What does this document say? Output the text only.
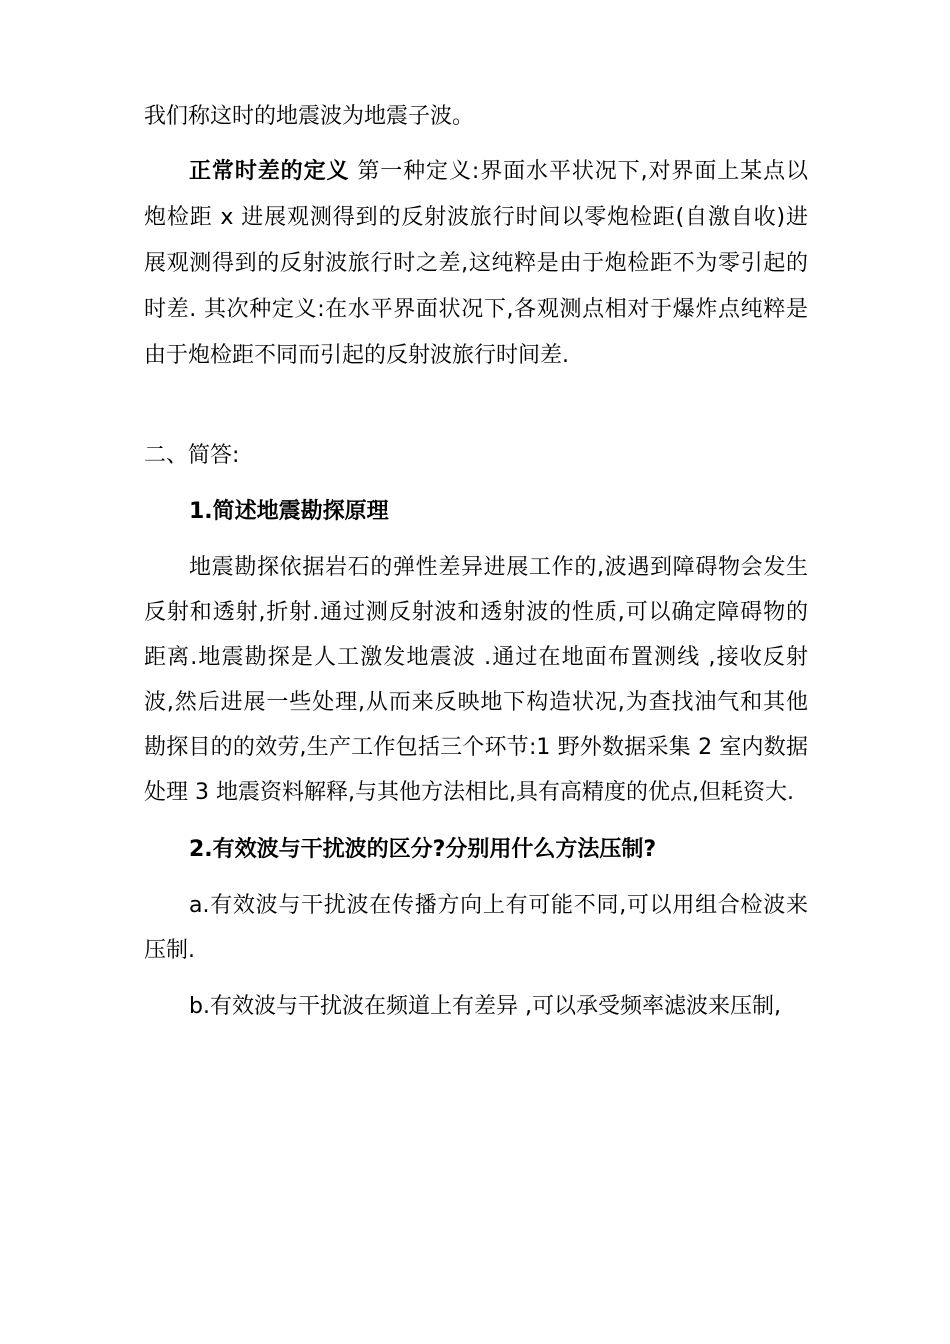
我们称这时的地震波为地震子波。
正常时差的定义 第一种定义:界面水平状况下,对界面上某点以
炮检距 x 进展观测得到的反射波旅行时间以零炮检距(自激自收)进
展观测得到的反射波旅行时之差,这纯粹是由于炮检距不为零引起的
时差. 其次种定义:在水平界面状况下,各观测点相对于爆炸点纯粹是
由于炮检距不同而引起的反射波旅行时间差.
二、简答:
1.简述地震勘探原理
地震勘探依据岩石的弹性差异进展工作的,波遇到障碍物会发生
反射和透射,折射.通过测反射波和透射波的性质,可以确定障碍物的
距离.地震勘探是人工激发地震波 .通过在地面布置测线 ,接收反射
波,然后进展一些处理,从而来反映地下构造状况,为查找油气和其他
勘探目的的效劳,生产工作包括三个环节:1 野外数据采集 2 室内数据
处理 3 地震资料解释,与其他方法相比,具有高精度的优点,但耗资大.
2.有效波与干扰波的区分?分别用什么方法压制?
a.有效波与干扰波在传播方向上有可能不同,可以用组合检波来
压制.
b.有效波与干扰波在频道上有差异 ,可以承受频率滤波来压制,
